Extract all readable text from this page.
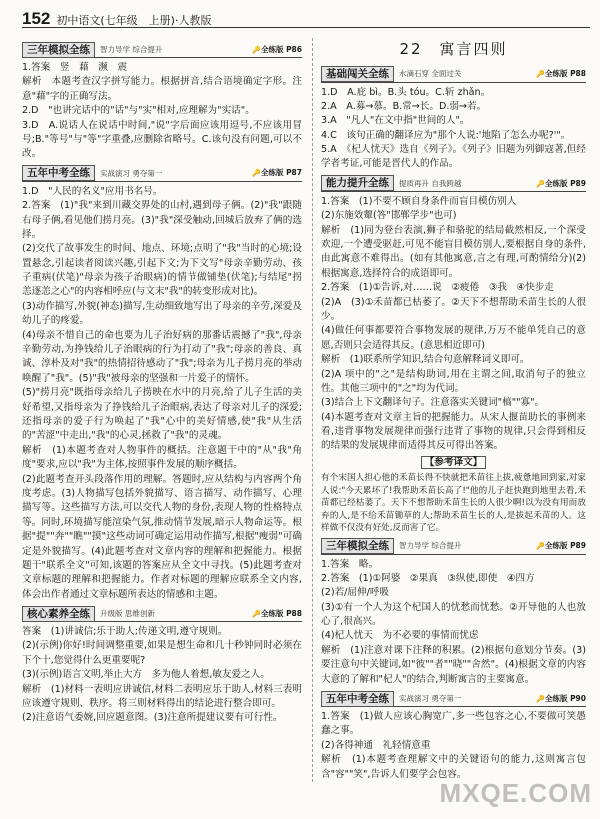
152 初中语文(七年级　上册)·人教版
三年模拟全练	智力导学 综合提升	🔑全练版 P86

1.答案　竖　藉　濒　震

解析　本题考查汉字拼写能力。根据拼音,结合语境确定字形。注意"藉"字的正确写法。

2.D　"也讲完话中的"话"与"实"相对,应理解为"实话"。

3.D　A.说话人在说话中时间,"说"字后面应该用逗号,不应该用冒号;B."等号"与"等"字重叠,应删除省略号。C.该句没有问题,可以不改。

五年中考全练	实战演习 勇夺第一	🔑全练版 P87

1.D　"人民的名义"应用书名号。

2.答案　(1)"我"来到川藏交界处的山村,遇到母子俩。(2)"我"跟随右母子俩,看见他们捞月亮。(3)"我"深受触动,回城后放弃了俩的选择。

(2)交代了故事发生的时间、地点、环境;点明了"我"当时的心境;设置悬念,引起读者阅读兴趣,引起下文;为下文写"母亲辛勤劳动、孩子重病(伏笔)"母亲为孩子治眼病)的情节做铺垫(伏笔);与结尾"拐恙逐恙之心"的内容相呼应(与文末"我"的转变形成对比)。

(3)动作描写,外貌(神态)描写,生动细致地写出了母亲的辛劳,深爱及幼儿子的疼爱。

(4)母亲不惜自己的命也要为儿子治好病的那番话震撼了"我",母亲辛勤劳动,为挣钱给儿子治眼病的行为打动了"我";母亲的善良、真诚、淳朴及对"我"的热情招待感动了"我";母亲为儿子捞月亮的举动唤醒了"我"。(5)"我"被母亲的坚强和一片爱子的情怀。

(5)"捞月亮"既指母亲给儿子捞映在水中的月亮,给了儿子生活的美好希望,又指母亲为了挣钱给儿子治眼病,表达了母亲对儿子的深爱;还指母亲的爱子行为唤起了"我"心中的美好情感,使"我"从生活的"苦涩"中走出,"我"的心灵,拯救了"我"的灵魂。

解析　(1)本题考查对人物事件的概括。注意题干中的"从"我"角度"要求,应以"我"为主体,按照事件发展的顺序概括。

(2)此题考查开头段落作用的理解。答题时,应从结构与内容两个角度考虑。(3)人物描写包括外貌描写、语言描写、动作描写、心理描写等。这些描写方法,可以交代人物的身份,表现人物的性格特点等。同时,环境描写能渲染气氛,推动情节发展,暗示人物命运等。根据"提""奔""瞧""摸"这些动词可确定运用动作描写,根据"瘦弱"可确定是外貌描写。(4)此题考查对文章内容的理解和把握能力。根据题干"联系全文"可知,该题的答案应从全文中寻找。(5)此题考查对文章标题的理解和把握能力。作者对标题的理解应联系全文内容,体会出作者通过文章标题所表达的情感和主题。

核心素养全练	升级版 思维创新	🔑全练版 P88

答案　(1)讲诚信;乐于助人;传递文明,遵守规则。

(2)(示例)你好!时间调整重要,如果是想生命和几十秒钟同时必须在下个十,您觉得什么更重要呢?

(3)(示例)语言文明,举止大方　多为他人着想,敏友爱之人。

解析　(1)材料一表明应讲诚信,材料二表明应乐于助人,材料三表明应该遵守规则、秩序。将三则材料得出的结论进行整合即可。

(2)注意语气委婉,回应题意图。(3)注意所提建议要有可行性。

22　寓言四则
基础闯关全练	水滴石穿 全面过关	🔑全练版 P88

1.D　A.庇 bì。B.头 tóu。C.斩 zhǎn。

2.A　A.募→慕。B.常→长。D.弱→若。

3.A　"凡人"在文中指"世间的人"。

4.C　该句正确的翻译应为"那个人说:'地陷了怎么办呢?'"。

5.A　《杞人忧天》选自《列子》。《列子》旧题为列御寇著,但经学者考证,可能是晋代人的作品。

能力提升全练	提质再升 自我跨越	🔑全练版 P89

1.答案　(1)不要不顾自身条件而盲目模仿别人

(2)东施效颦(答"邯郸学步"也可)

解析　(1)同为登台表演,狮子和骆驼的结局截然相反,一个深受欢迎,一个遭受驱赶,可见不能盲目模仿别人,要根据自身的条件,由此寓意不难得出。(如有其他寓意,言之有理,可酌情给分)(2)根据寓意,选择符合的成语即可。

2.答案　(1)①告诉,对……说　②疲倦　③我　④快步走

(2)A　(3)①禾苗都已枯萎了。②天下不想帮助禾苗生长的人很少。

(4)做任何事都要符合事物发展的规律,万万不能单凭自己的意愿,否则只会适得其反。(意思相近即可)

解析　(1)联系所学知识,结合句意解释词义即可。

(2)A 项中的"之"是结构助词,用在主谓之间,取消句子的独立性。其他三项中的"之"均为代词。

(3)结合上下文翻译句子。注意落实关键词"槁""寡"。

(4)本题考查对文章主旨的把握能力。从宋人揠苗助长的事例来看,违背事物发展规律而强行违背了事物的规律,只会得到相反的结果的发展规律而适得其反可得出答案。

【参考译文】

有个宋国人担心他的禾苗长得不快就把禾苗往上拔,疲惫地回到家,对家人说:"今天累坏了!我帮助禾苗长高了!"他的儿子赶快跑到地里去看,禾苗都已经枯萎了。天下不想帮助禾苗生长的人很少啊!以为没有用而放弃的人,是不给禾苗锄草的人;帮助禾苗生长的人,是拔起禾苗的人。这样做不仅没有好处,反而害了它。

三年模拟全练	智力导学 综合提升	🔑全练版 P89

1.答案　略。

2.答案　(1)①阿婆　②果真　③纵使,即使　④四方

(2)若/屈伸/呼吸

(3)①有一个人为这个杞国人的忧愁而忧愁。②开导他的人也放心了,很高兴。

(4)杞人忧天　为不必要的事情而忧虑

解析　(1)注意对课下注释的积累。(2)根据句意划分节奏。(3)要注意句中关键词,如"彼""者""晓""舍然"。(4)根据文章的内容大意的了解和"杞人"的结合,判断寓言的主要寓意。

五年中考全练	实战演习 勇夺第一	🔑全练版 P90

1.答案　(1)做人应该心胸宽广,多一些包容之心,不要做可笑愚蠢之事。

(2)各得神通　礼轻情意重

解析　(1)本题考查理解文中的关键语句的能力,这则寓言包含"容""笑",告诉人们要学会包容。

MXQE.COM
